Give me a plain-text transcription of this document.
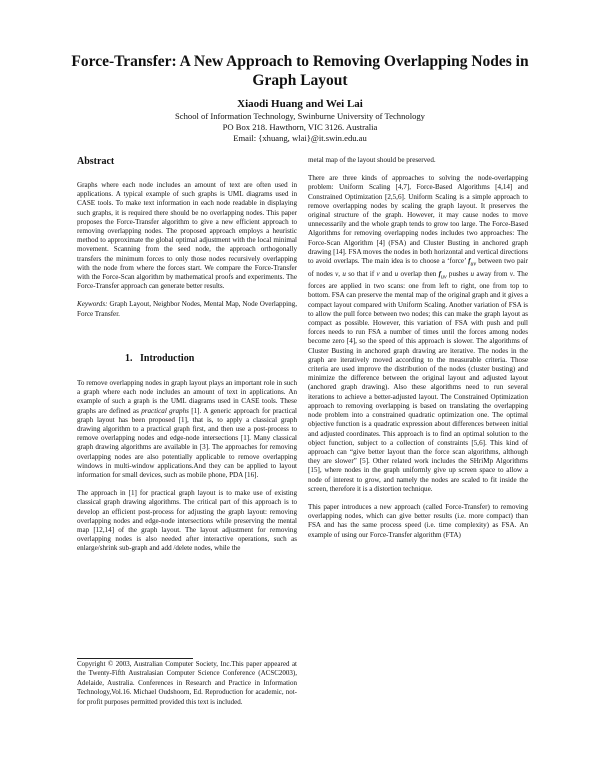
Force-Transfer: A New Approach to Removing Overlapping Nodes in Graph Layout
Xiaodi Huang and Wei Lai
School of Information Technology, Swinburne University of Technology
PO Box 218. Hawthorn, VIC 3126. Australia
Email: {xhuang, wlai}@it.swin.edu.au
Abstract

Graphs where each node includes an amount of text are often used in applications. A typical example of such graphs is UML diagrams used in CASE tools. To make text information in each node readable in displaying such graphs, it is required there should be no overlapping nodes. This paper proposes the Force-Transfer algorithm to give a new efficient approach to removing overlapping nodes. The proposed approach employs a heuristic method to approximate the global optimal adjustment with the local minimal movement. Scanning from the seed node, the approach orthogonally transfers the minimum forces to only those nodes recursively overlapping with the node from where the forces start. We compare the Force-Transfer with the Force-Scan algorithm by mathematical proofs and experiments. The Force-Transfer approach can generate better results.

Keywords: Graph Layout, Neighbor Nodes, Mental Map, Node Overlapping, Force Transfer.

1.   Introduction

To remove overlapping nodes in graph layout plays an important role in such a graph where each node includes an amount of text in applications. An example of such a graph is the UML diagrams used in CASE tools. These graphs are defined as practical graphs [1]. A generic approach for practical graph layout has been proposed [1], that is, to apply a classical graph drawing algorithm to a practical graph first, and then use a post-process to remove overlapping nodes and edge-node intersections [1]. Many classical graph drawing algorithms are available in [3]. The approaches for removing overlapping nodes are also potentially applicable to remove overlapping windows in multi-window applications.And they can be applied to layout information for small devices, such as mobile phone, PDA [16].

The approach in [1] for practical graph layout is to make use of existing classical graph drawing algorithms. The critical part of this approach is to develop an efficient post-process for adjusting the graph layout: removing overlapping nodes and edge-node intersections while preserving the mental map [12,14] of the graph layout. The layout adjustment for removing overlapping nodes is also needed after interactive operations, such as enlarge/shrink sub-graph and add /delete nodes, while the

Copyright © 2003, Australian Computer Society, Inc.This paper appeared at the Twenty-Fifth Australasian Computer Science Conference (ACSC2003), Adelaide, Australia. Conferences in Research and Practice in Information Technology,Vol.16. Michael Oudshoorn, Ed. Reproduction for academic, not-for profit purposes permitted provided this text is included.

metal map of the layout should be preserved.

There are three kinds of approaches to solving the node-overlapping problem: Uniform Scaling [4,7], Force-Based Algorithms [4,14] and Constrained Optimization [2,5,6]. Uniform Scaling is a simple approach to remove overlapping nodes by scaling the graph layout. It preserves the original structure of the graph. However, it may cause nodes to move unnecessarily and the whole graph tends to grow too large. The Force-Based Algorithms for removing overlapping nodes includes two approaches: The Force-Scan Algorithm [4] (FSA) and Cluster Busting in anchored graph drawing [14]. FSA moves the nodes in both horizontal and vertical directions to avoid overlaps. The main idea is to choose a ‘force’ $f_{uv}$ between two pair of nodes v, u so that if v and u overlap then $f_{uv}$ pushes u away from v. The forces are applied in two scans: one from left to right, one from top to bottom. FSA can preserve the mental map of the original graph and it gives a compact layout compared with Uniform Scaling. Another variation of FSA is to allow the pull force between two nodes; this can make the graph layout as compact as possible. However, this variation of FSA with push and pull forces needs to run FSA a number of times until the forces among nodes become zero [4], so the speed of this approach is slower. The algorithms of Cluster Busting in anchored graph drawing are iterative. The nodes in the graph are iteratively moved according to the measurable criteria. Those criteria are used improve the distribution of the nodes (cluster busting) and minimize the difference between the original layout and adjusted layout (anchored graph drawing). Also these algorithms need to run several iterations to achieve a better-adjusted layout. The Constrained Optimization approach to removing overlapping is based on translating the overlapping node problem into a constrained quadratic optimization one. The optimal objective function is a quadratic expression about differences between initial and adjusted coordinates. This approach is to find an optimal solution to the object function, subject to a collection of constraints [5,6]. This kind of approach can “give better layout than the force scan algorithms, although they are slower” [5]. Other related work includes the SHriMp Algorithms [15], where nodes in the graph uniformly give up screen space to allow a node of interest to grow, and namely the nodes are scaled to fit inside the screen, therefore it is a distortion technique.

This paper introduces a new approach (called Force-Transfer) to removing overlapping nodes, which can give better results (i.e. more compact) than FSA and has the same process speed (i.e. time complexity) as FSA. An example of using our Force-Transfer algorithm (FTA)
